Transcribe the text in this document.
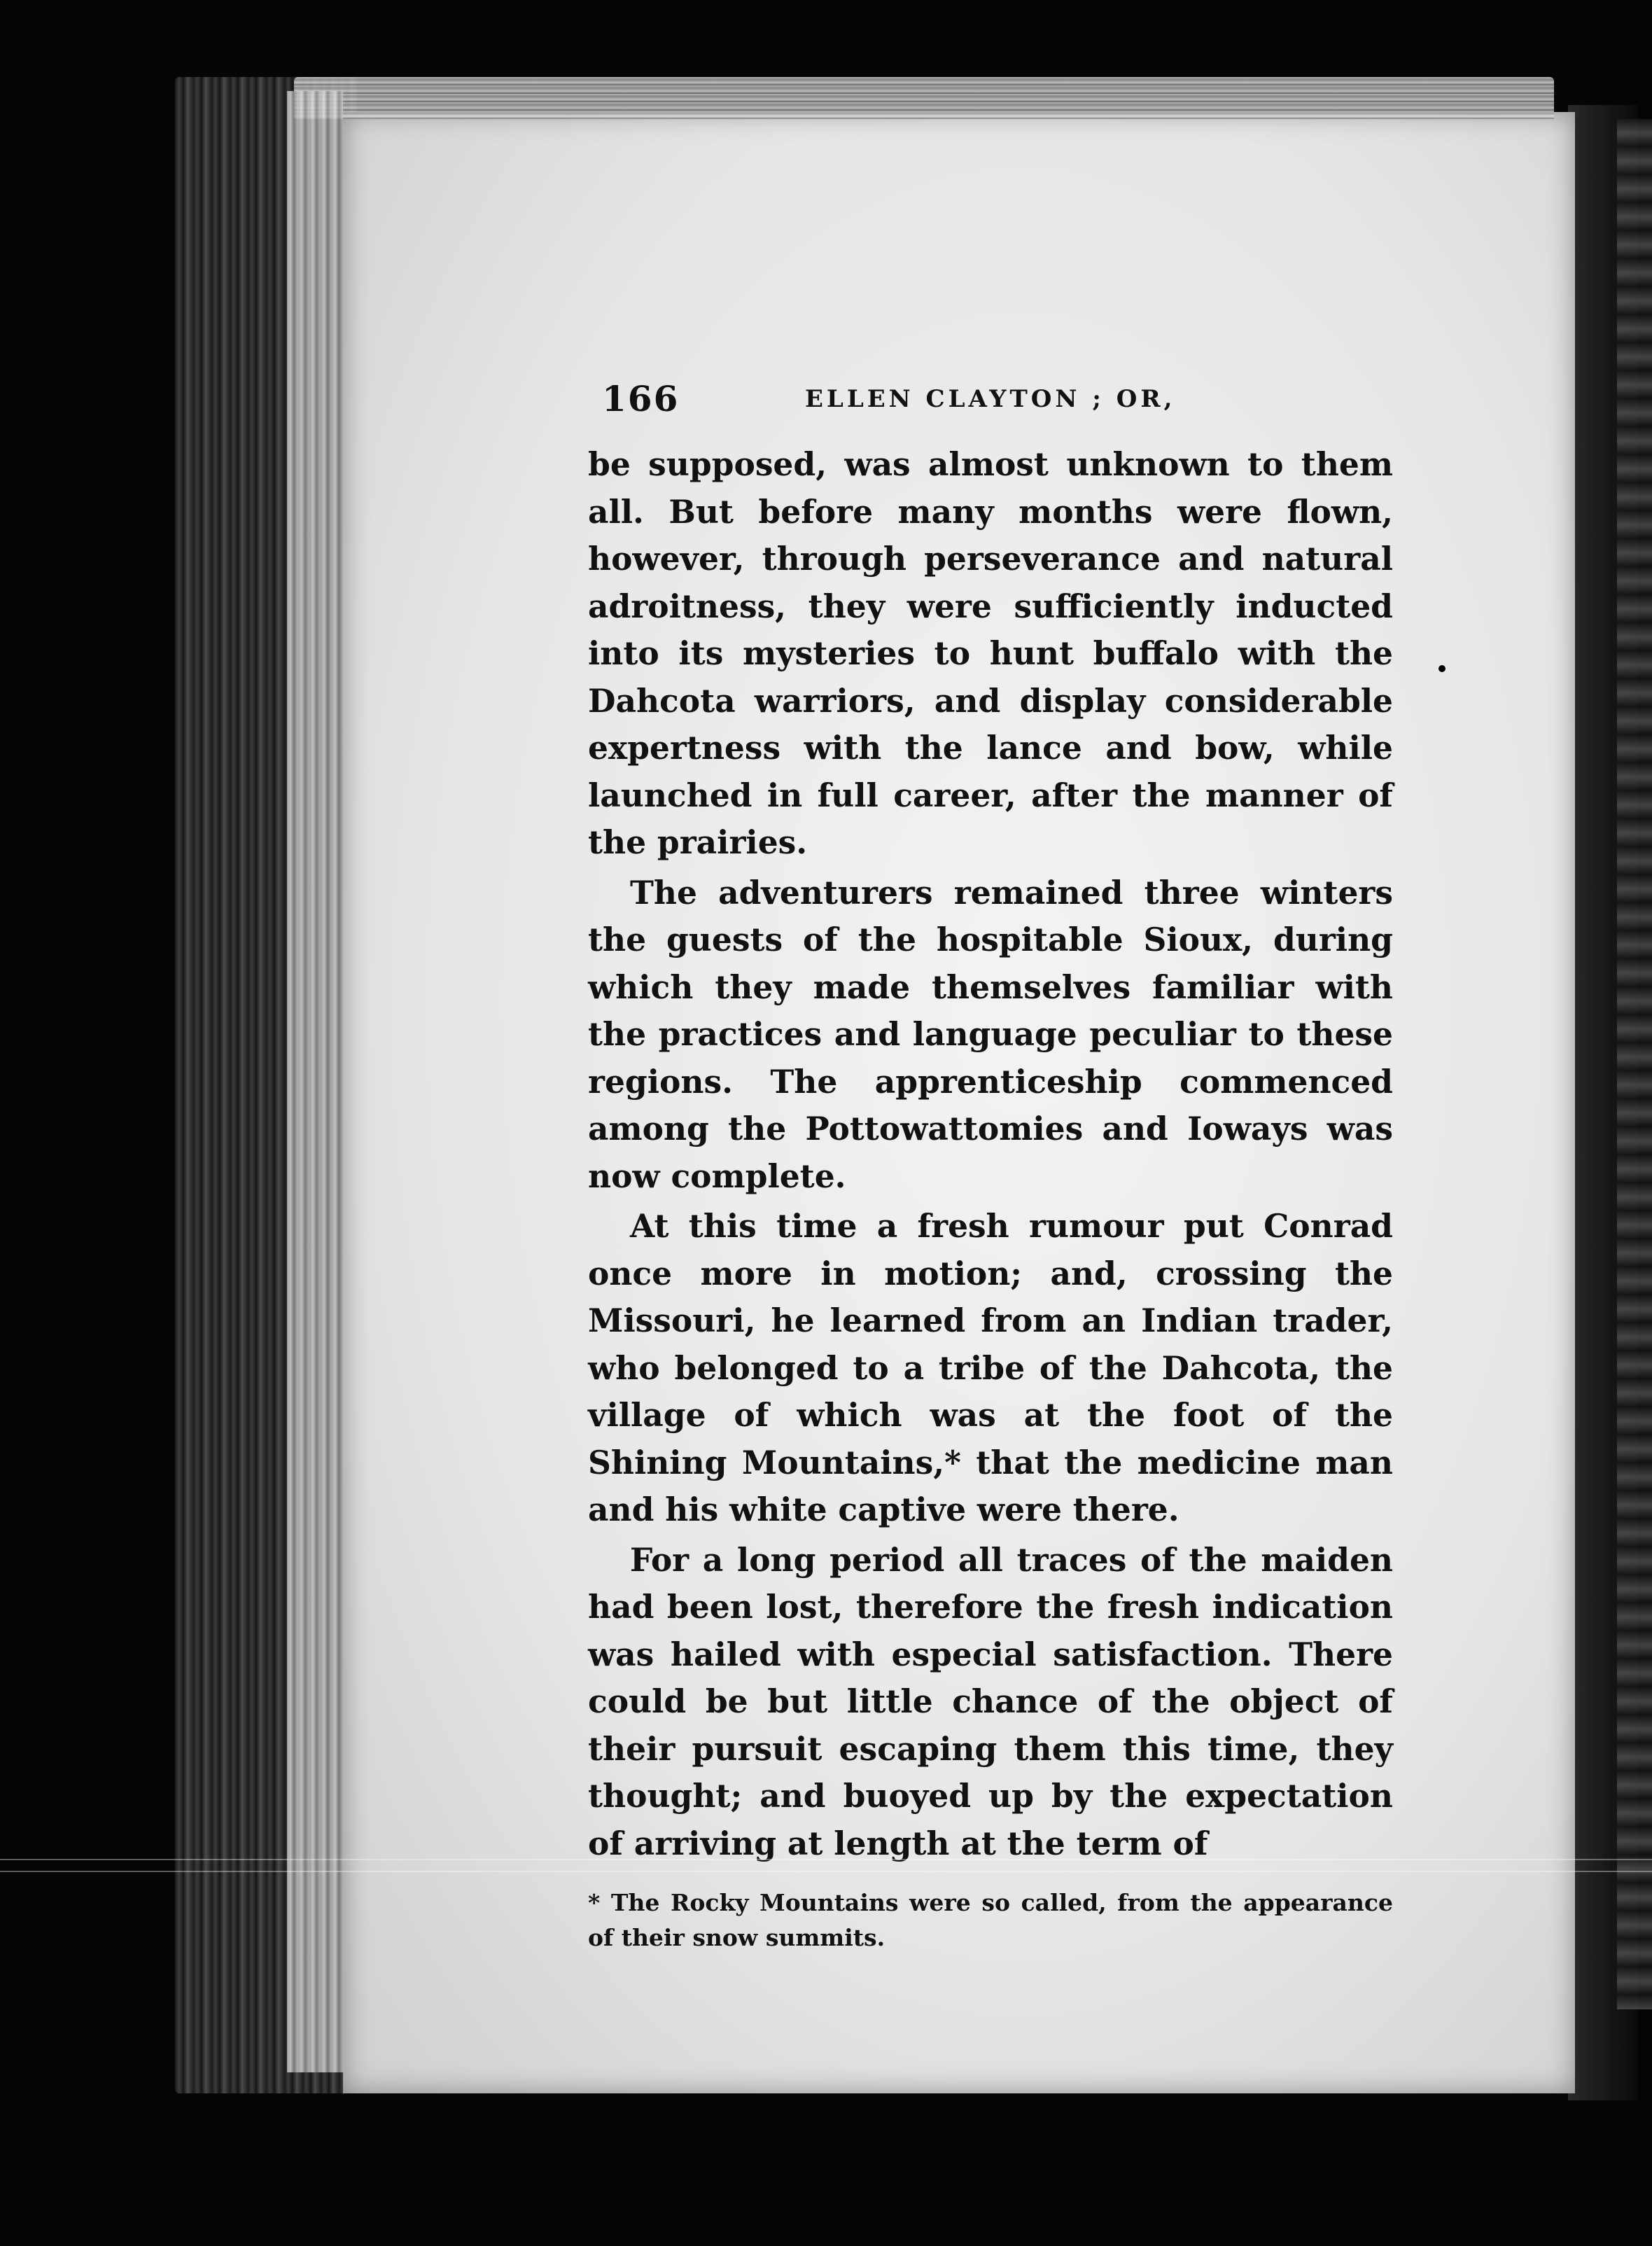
166	ELLEN CLAYTON ; OR,

be supposed, was almost unknown to them all. But before many months were flown, however, through perseverance and natural adroitness, they were sufficiently inducted into its mysteries to hunt buffalo with the Dahcota warriors, and display considerable expertness with the lance and bow, while launched in full career, after the manner of the prairies.

The adventurers remained three winters the guests of the hospitable Sioux, during which they made themselves familiar with the practices and language peculiar to these regions. The apprenticeship commenced among the Pottowattomies and Ioways was now complete.

At this time a fresh rumour put Conrad once more in motion; and, crossing the Missouri, he learned from an Indian trader, who belonged to a tribe of the Dahcota, the village of which was at the foot of the Shining Mountains,* that the medicine man and his white captive were there.

For a long period all traces of the maiden had been lost, therefore the fresh indication was hailed with especial satisfaction. There could be but little chance of the object of their pursuit escaping them this time, they thought; and buoyed up by the expectation of arriving at length at the term of

* The Rocky Mountains were so called, from the appearance of their snow summits.
